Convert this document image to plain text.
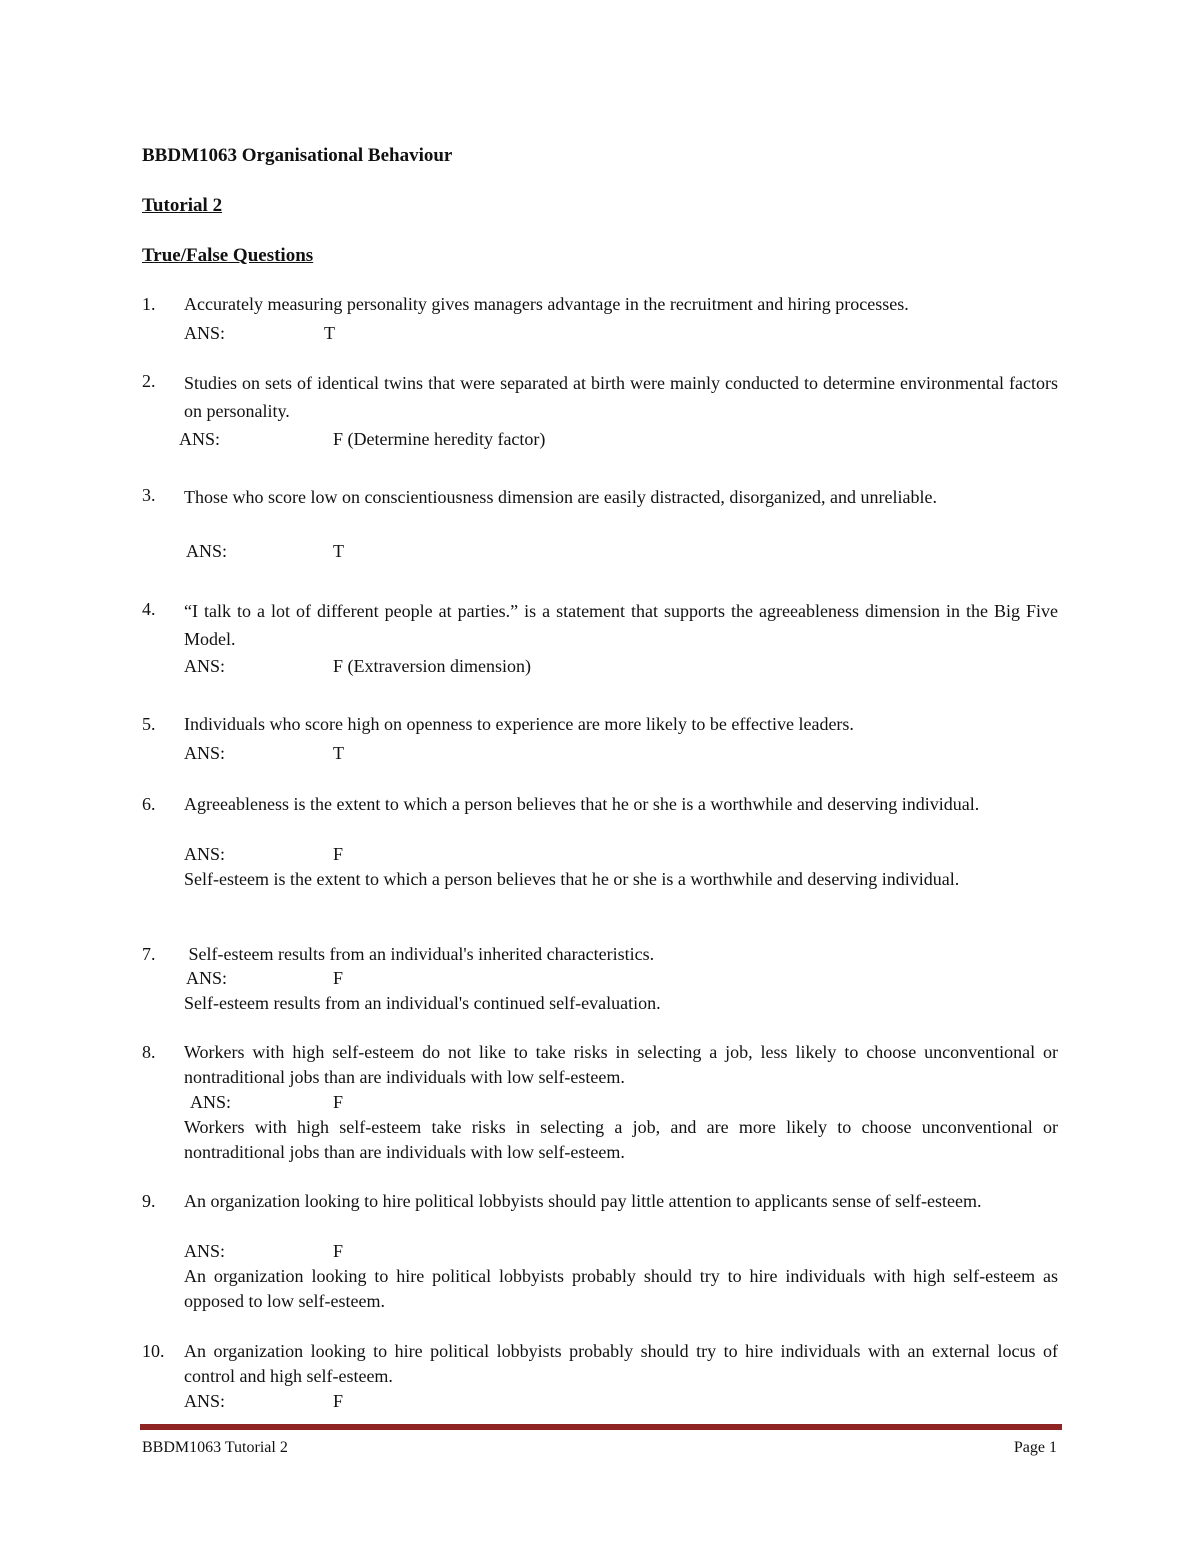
BBDM1063 Organisational Behaviour
Tutorial 2
True/False Questions
1. Accurately measuring personality gives managers advantage in the recruitment and hiring processes.
ANS:	T
2. Studies on sets of identical twins that were separated at birth were mainly conducted to determine environmental factors on personality.
ANS:	F (Determine heredity factor)
3. Those who score low on conscientiousness dimension are easily distracted, disorganized, and unreliable.
ANS:	T
4. “I talk to a lot of different people at parties.” is a statement that supports the agreeableness dimension in the Big Five Model.
ANS:	F (Extraversion dimension)
5. Individuals who score high on openness to experience are more likely to be effective leaders.
ANS:	T
6. Agreeableness is the extent to which a person believes that he or she is a worthwhile and deserving individual.
ANS:	F
Self-esteem is the extent to which a person believes that he or she is a worthwhile and deserving individual.
7. Self-esteem results from an individual's inherited characteristics.
ANS:	F
Self-esteem results from an individual's continued self-evaluation.
8. Workers with high self-esteem do not like to take risks in selecting a job, less likely to choose unconventional or nontraditional jobs than are individuals with low self-esteem.
ANS:	F
Workers with high self-esteem take risks in selecting a job, and are more likely to choose unconventional or nontraditional jobs than are individuals with low self-esteem.
9. An organization looking to hire political lobbyists should pay little attention to applicants sense of self-esteem.
ANS:	F
An organization looking to hire political lobbyists probably should try to hire individuals with high self-esteem as opposed to low self-esteem.
10. An organization looking to hire political lobbyists probably should try to hire individuals with an external locus of control and high self-esteem.
ANS:	F
BBDM1063 Tutorial 2	Page 1
